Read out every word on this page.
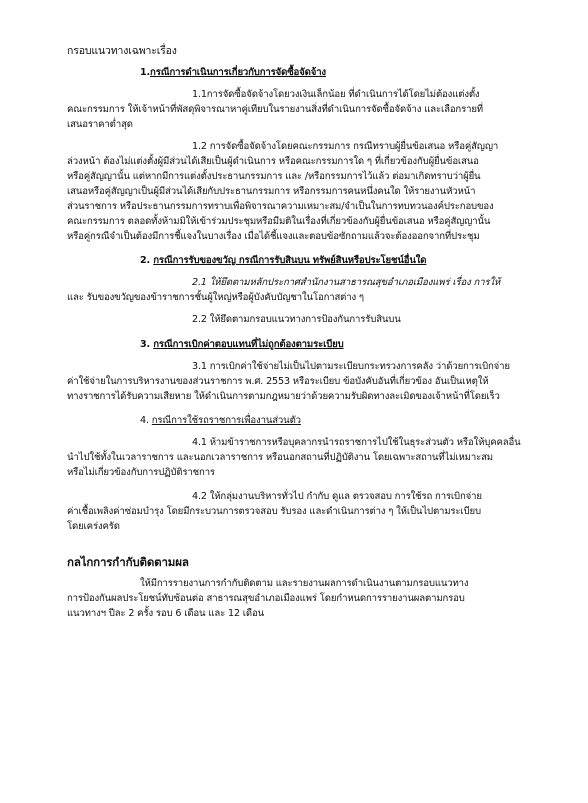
กรอบแนวทางเฉพาะเรื่อง
1.กรณีการดำเนินการเกี่ยวกับการจัดซื้อจัดจ้าง
1.1การจัดซื้อจัดจ้างโดยวงเงินเล็กน้อย ที่ดำเนินการได้โดยไม่ต้องแต่งตั้ง
คณะกรรมการ ให้เจ้าหน้าที่พัสดุพิจารณาหาคู่เทียบในรายงานสิ่งที่ดำเนินการจัดซื้อจัดจ้าง และเลือกรายที่
เสนอราคาต่ำสุด
1.2 การจัดซื้อจัดจ้างโดยคณะกรรมการ กรณีทราบผู้ยื่นข้อเสนอ หรือคู่สัญญา
ล่วงหน้า ต้องไม่แต่งตั้งผู้มีส่วนได้เสียเป็นผู้ดำเนินการ หรือคณะกรรมการใด ๆ ที่เกี่ยวข้องกับผู้ยื่นข้อเสนอ
หรือคู่สัญญานั้น แต่หากมีการแต่งตั้งประธานกรรมการ และ /หรือกรรมการไว้แล้ว ต่อมาเกิดทราบว่าผู้ยื่น
เสนอหรือคู่สัญญาเป็นผู้มีส่วนได้เสียกับประธานกรรมการ หรือกรรมการคนหนึ่งคนใด ให้รายงานหัวหน้า
ส่วนราชการ หรือประธานกรรมการทราบเพื่อพิจารณาความเหมาะสม/จำเป็นในการทบทวนองค์ประกอบของ
คณะกรรมการ ตลอดทั้งห้ามมิให้เข้าร่วมประชุมหรือมีมติในเรื่องที่เกี่ยวข้องกับผู้ยื่นข้อเสนอ หรือคู่สัญญานั้น
หรือคู่กรณีจำเป็นต้องมีการชี้แจงในบางเรื่อง เมื่อได้ชี้แจงและตอบข้อซักถามแล้วจะต้องออกจากที่ประชุม
2. กรณีการรับของขวัญ กรณีการรับสินบน ทรัพย์สินหรือประโยชน์อื่นใด
2.1 ให้ยึดตามหลักประกาศสำนักงานสาธารณสุขอำเภอเมืองแพร่ เรื่อง การให้
และ รับของขวัญของข้าราชการชั้นผู้ใหญ่หรือผู้บังคับบัญชาในโอกาสต่าง ๆ
2.2 ให้ยึดตามกรอบแนวทางการป้องกันการรับสินบน
3. กรณีการเบิกค่าตอบแทนที่ไม่ถูกต้องตามระเบียบ
3.1 การเบิกค่าใช้จ่ายไม่เป็นไปตามระเบียบกระทรวงการคลัง ว่าด้วยการเบิกจ่าย
ค่าใช้จ่ายในการบริหารงานของส่วนราชการ พ.ศ. 2553 หรือระเบียบ ข้อบังคับอันที่เกี่ยวข้อง อันเป็นเหตุให้
ทางราชการได้รับความเสียหาย ให้ดำเนินการตามกฎหมายว่าด้วยความรับผิดทางละเมิดของเจ้าหน้าที่โดยเร็ว
4. กรณีการใช้รถราชการเพื่องานส่วนตัว
4.1 ห้ามข้าราชการหรือบุคลากรนำรถราชการไปใช้ในธุระส่วนตัว หรือให้บุคคลอื่น
นำไปใช้ทั้งในเวลาราชการ และนอกเวลาราชการ หรือนอกสถานที่ปฏิบัติงาน โดยเฉพาะสถานที่ไม่เหมาะสม
หรือไม่เกี่ยวข้องกับการปฏิบัติราชการ
4.2 ให้กลุ่มงานบริหารทั่วไป กำกับ ดูแล ตรวจสอบ การใช้รถ การเบิกจ่าย
ค่าเชื้อเพลิงค่าซ่อมบำรุง โดยมีกระบวนการตรวจสอบ รับรอง และดำเนินการต่าง ๆ ให้เป็นไปตามระเบียบ
โดยเคร่งครัด
กลไกการกำกับติดตามผล
ให้มีการรายงานการกำกับติดตาม และรายงานผลการดำเนินงานตามกรอบแนวทาง
การป้องกันผลประโยชน์ทับซ้อนต่อ สาธารณสุขอำเภอเมืองแพร่ โดยกำหนดการรายงานผลตามกรอบ
แนวทางฯ ปีละ 2 ครั้ง รอบ 6 เดือน และ 12 เดือน
